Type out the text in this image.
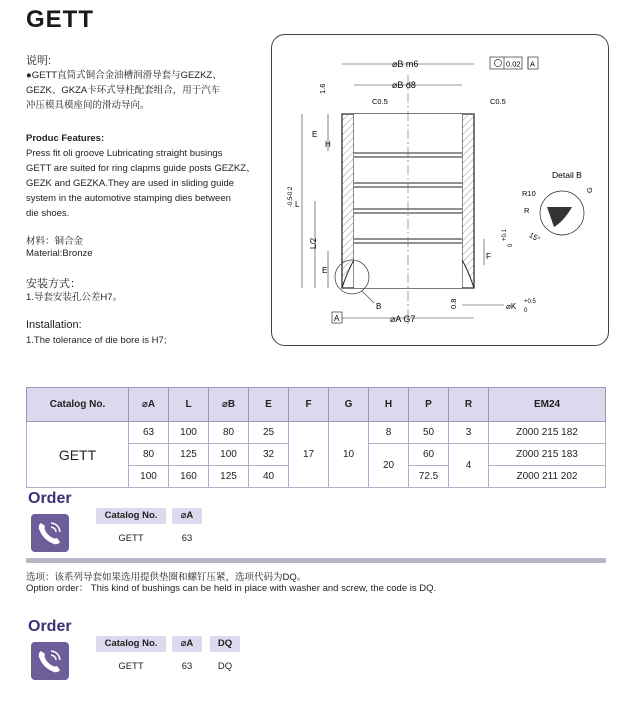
GETT
说明:
●GETT直筒式铜合金油槽润滑导套与GEZKZ、
GEZK、GKZA卡环式导柱配套组合，用于汽车
冲压模具模座间的滑动导向。
Produc Features:
Press fit oli groove Lubricating straight busings
GETT are suited for ring clapms guide posts GEZKZ、
GEZK and GEZKA.They are used in sliding guide
system in the automotive stamping dies between
die shoes.
材料：铜合金
Material:Bronze
安装方式：
1.导套安装孔公差H7。
Installation:
1.The tolerance of die bore is H7;
B
⌀B m6	0.02 A
⌀B d8
C0.5	C0.5
1.6
E
H
L
-0.2
-0.5
L/2
E
F
+0.1
0
0.8	⌀K +0.5
0
A	⌀A G7
Detail B
R10
R
G
15°
Catalog No.	⌀A	L	⌀B	E	F	G	H	P	R	EM24
GETT	63	100	80	25	17	10	8	50	3	Z000 215 182
	80	125	100	32			20	60	4	Z000 215 183
	100	160	125	40				72.5		Z000 211 202
Order
Catalog No.	⌀A
GETT	63
选项：该系列导套如果选用提供垫圈和螺钉压紧，选项代码为DQ。
Option order： This kind of bushings can be held in place with washer and screw, the code is DQ.
Order
Catalog No.	⌀A	DQ
GETT	63	DQ
